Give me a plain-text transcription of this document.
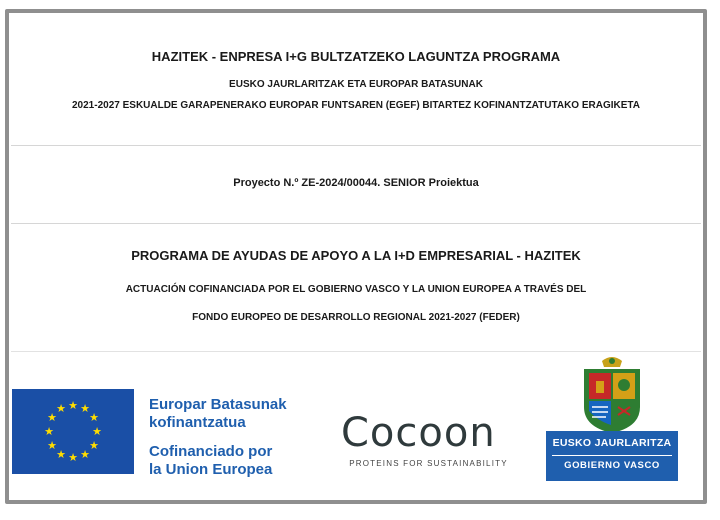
HAZITEK - ENPRESA I+G BULTZATZEKO LAGUNTZA PROGRAMA
EUSKO JAURLARITZAK ETA EUROPAR BATASUNAK
2021-2027 ESKUALDE GARAPENERAKO EUROPAR FUNTSAREN (EGEF) BITARTEZ KOFINANTZATUTAKO ERAGIKETA
Proyecto N.º ZE-2024/00044. SENIOR Proiektua
PROGRAMA DE AYUDAS DE APOYO A LA I+D EMPRESARIAL - HAZITEK
ACTUACIÓN COFINANCIADA POR EL GOBIERNO VASCO Y LA UNION EUROPEA A TRAVÉS DEL
FONDO EUROPEO DE DESARROLLO REGIONAL 2021-2027 (FEDER)
★ ★
★
★
★
★
★
★
★
★
★
★	Europar Batasunak
kofinantzatua
Cofinanciado por
la Union Europea
Cocoon
PROTEINS FOR SUSTAINABILITY
EUSKO JAURLARITZA
GOBIERNO VASCO
